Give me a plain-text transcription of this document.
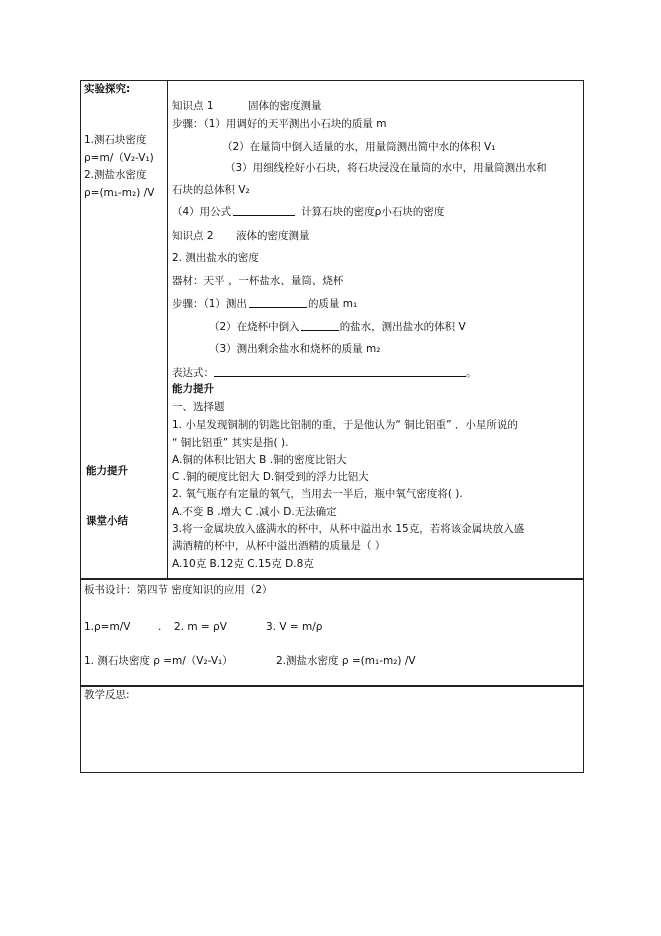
实验探究:
1.测石块密度
ρ=m/（V₂-V₁)
2.测盐水密度
ρ=(m₁-m₂) /V
能力提升
课堂小结
知识点 1	固体的密度测量
步骤：（1）用调好的天平测出小石块的质量 m
（2）在量筒中倒入适量的水，用量筒测出简中水的体积 V₁
（3）用细线栓好小石块，将石块浸没在量筒的水中，用量筒测出水和
石块的总体积 V₂
（4）用公式	计算石块的密度ρ小石块的密度
知识点 2 液体的密度测量
2. 测出盐水的密度
器材：天平 、一杯盐水、量筒、烧杯
步骤：（1）测出	的质量 m₁
（2）在烧杯中倒入	的盐水，测出盐水的体积 V
（3）测出剩余盐水和烧杯的质量 m₂
表达式：	。
能力提升
一、选择题
1. 小星发现铜制的钥匙比铝制的重，于是他认为“ 铜比铝重” ．小星所说的
“ 铜比铝重” 其实是指( ).
A.铜的体积比铝大 B .铜的密度比铝大
C .铜的硬度比铝大 D.铜受到的浮力比铝大
2. 氧气瓶存有定量的氧气，当用去一半后，瓶中氧气密度将( ).
A.不变 B .增大 C .减小 D.无法确定
3.将一金属块放入盛满水的杯中，从杯中溢出水 15克，若将该金属块放入盛
满酒精的杯中，从杯中溢出酒精的质量是（ ）
A.10克 B.12克 C.15克 D.8克
板书设计：第四节 密度知识的应用（2）
1.ρ=m/V	. 2. m = ρV	3. V = m/ρ
1. 测石块密度 ρ =m/（V₂-V₁）	2.测盐水密度 ρ =(m₁-m₂) /V
教学反思:
